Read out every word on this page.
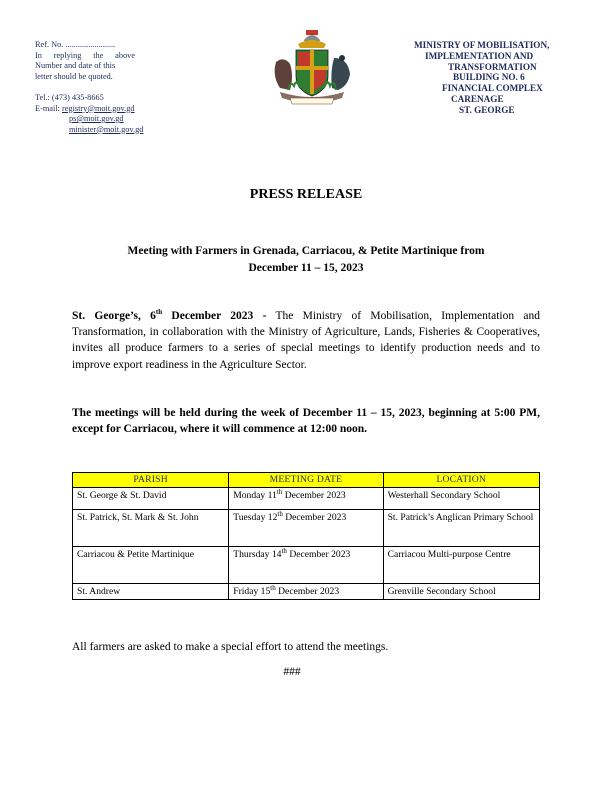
Ref. No. ........................
In replying the above
Number and date of this
letter should be quoted.
Tel.: (473) 435-8665
E-mail: registry@moit.gov.gd
ps@moit.gov.gd
minister@moit.gov.gd
MINISTRY OF MOBILISATION,
IMPLEMENTATION AND
TRANSFORMATION
BUILDING NO. 6
FINANCIAL COMPLEX
CARENAGE
ST. GEORGE
PRESS RELEASE
Meeting with Farmers in Grenada, Carriacou, & Petite Martinique from
December 11 – 15, 2023
St. George’s, 6th December 2023 - The Ministry of Mobilisation, Implementation and Transformation, in collaboration with the Ministry of Agriculture, Lands, Fisheries & Cooperatives, invites all produce farmers to a series of special meetings to identify production needs and to improve export readiness in the Agriculture Sector.
The meetings will be held during the week of December 11 – 15, 2023, beginning at 5:00 PM, except for Carriacou, where it will commence at 12:00 noon.
PARISH	MEETING DATE	LOCATION
St. George & St. David	Monday 11th December 2023	Westerhall Secondary School
St. Patrick, St. Mark & St. John	Tuesday 12th December 2023	St. Patrick’s Anglican Primary School
Carriacou & Petite Martinique	Thursday 14th December 2023	Carriacou Multi-purpose Centre
St. Andrew	Friday 15th December 2023	Grenville Secondary School
All farmers are asked to make a special effort to attend the meetings.
###
